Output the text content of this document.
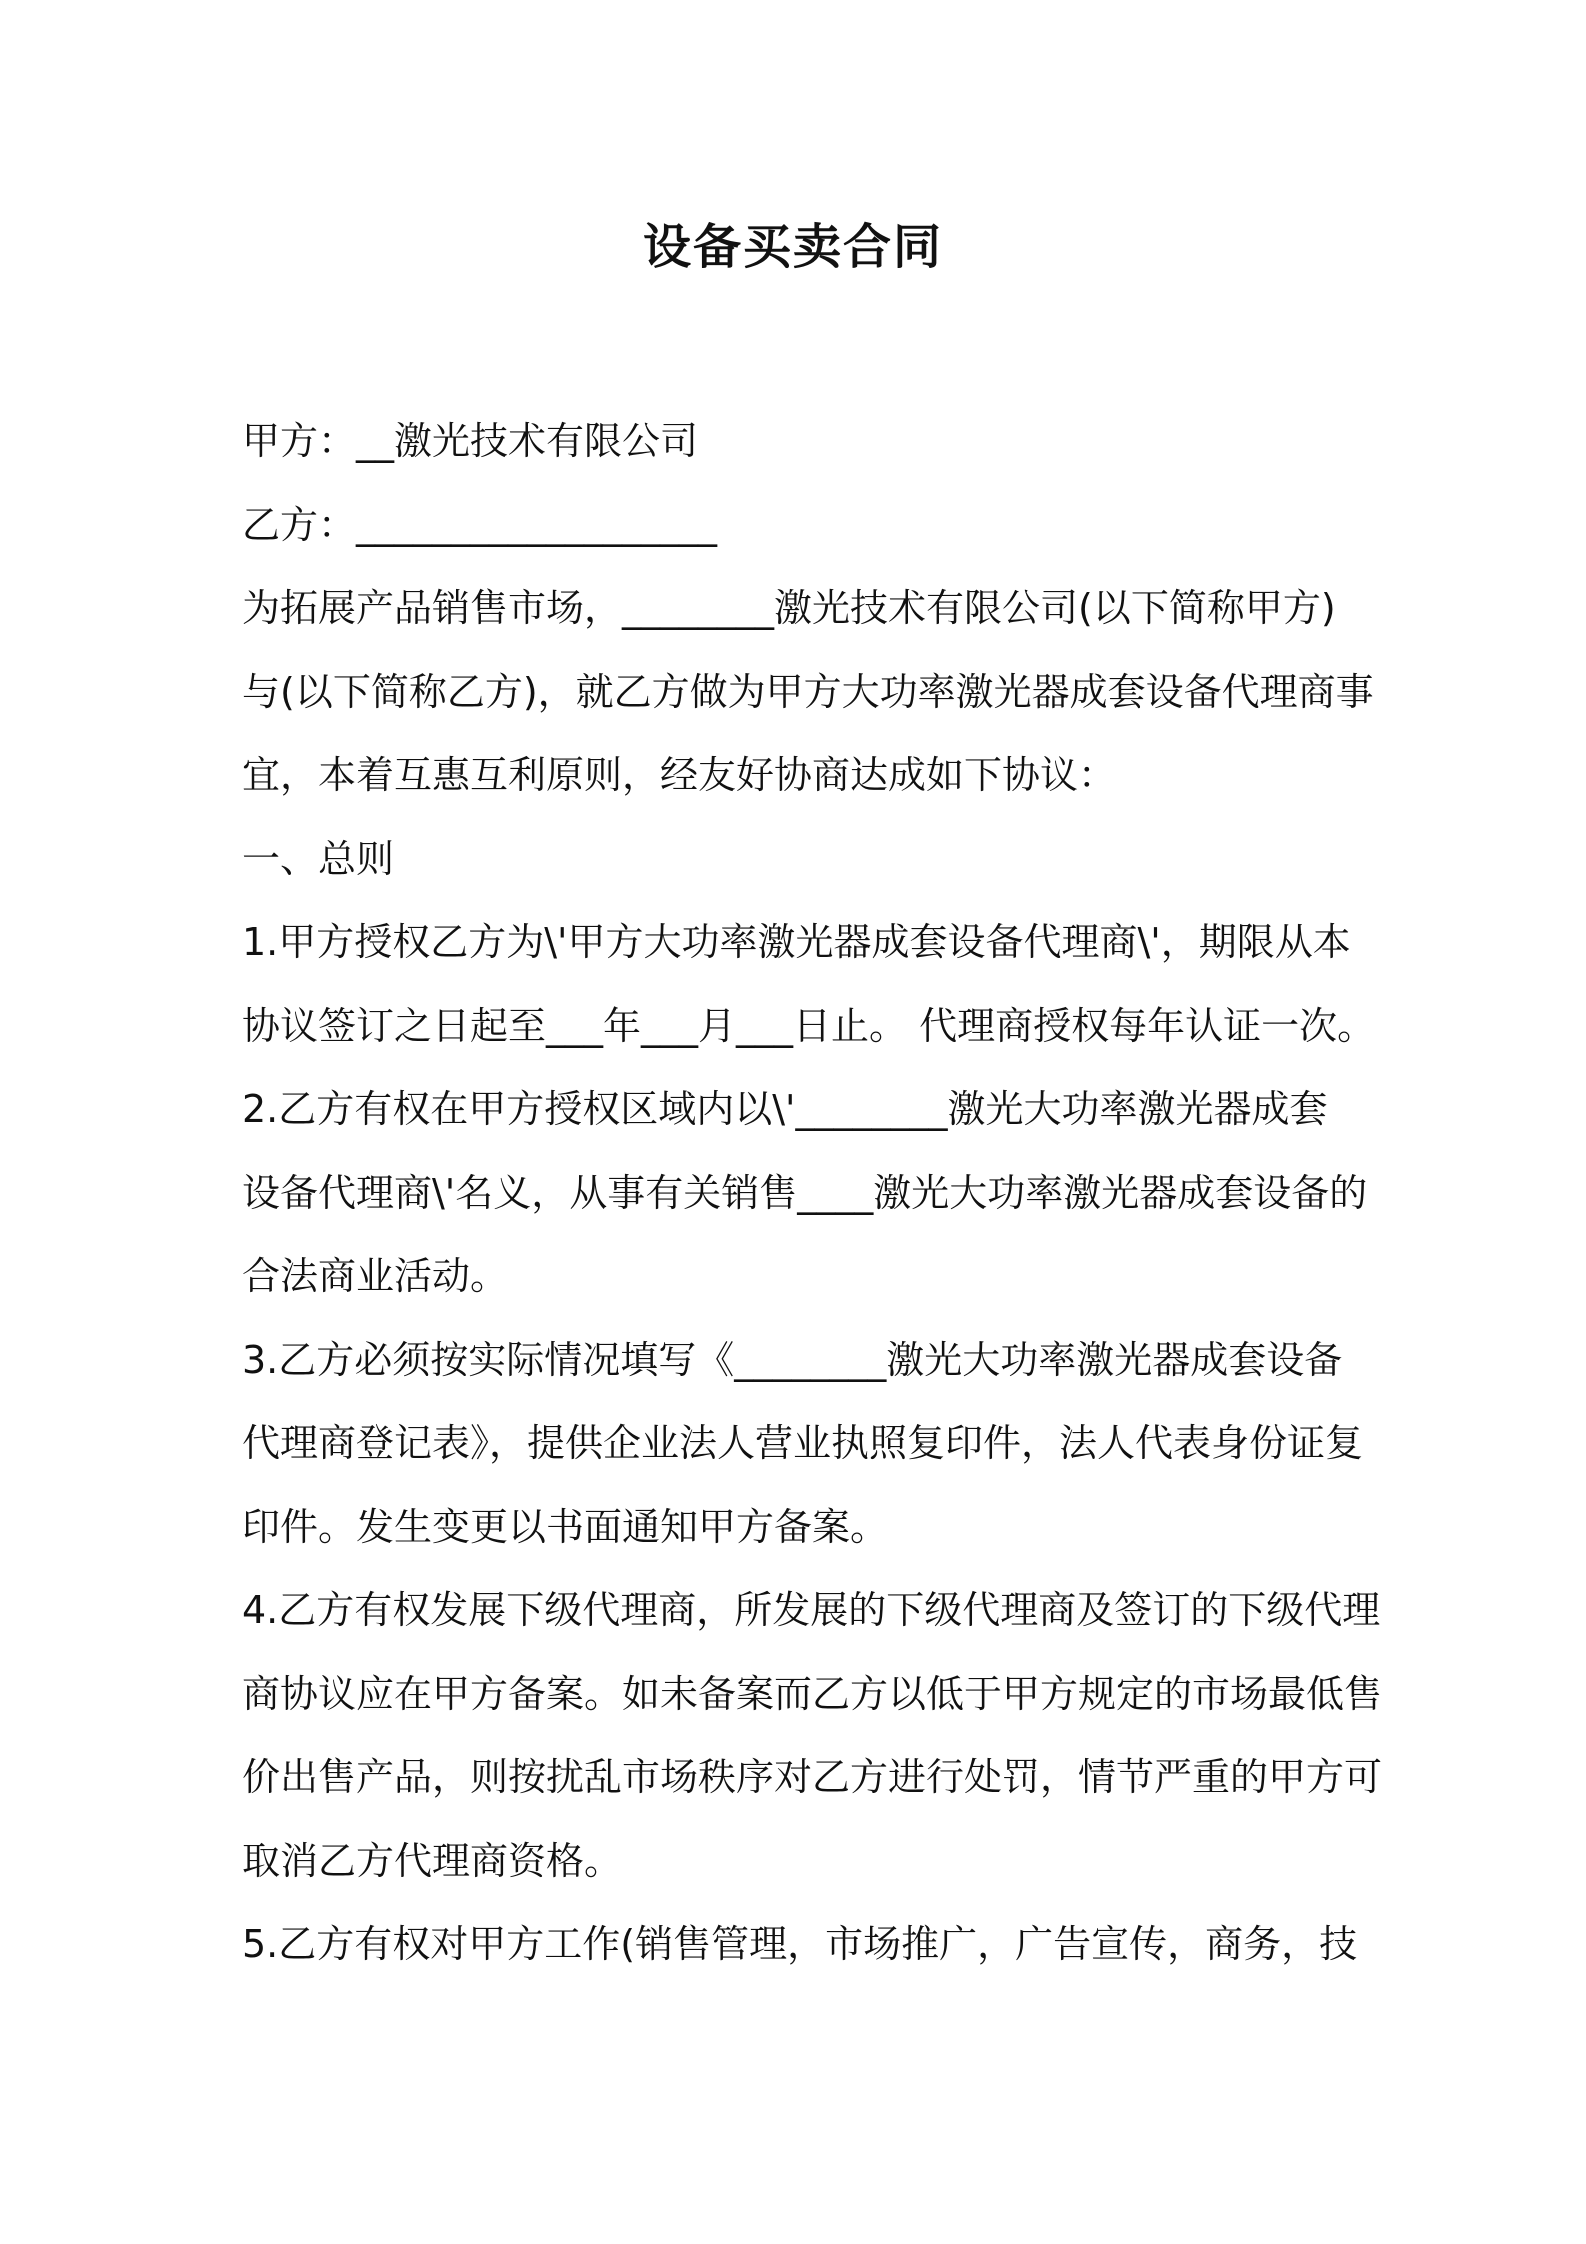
设备买卖合同
甲方：__激光技术有限公司
乙方：___________________
为拓展产品销售市场，________激光技术有限公司(以下简称甲方)
与(以下简称乙方)，就乙方做为甲方大功率激光器成套设备代理商事
宜，本着互惠互利原则，经友好协商达成如下协议：
一、总则
1.甲方授权乙方为\'甲方大功率激光器成套设备代理商\'，期限从本
协议签订之日起至___年___月___日止。 代理商授权每年认证一次。
2.乙方有权在甲方授权区域内以\'________激光大功率激光器成套
设备代理商\'名义，从事有关销售____激光大功率激光器成套设备的
合法商业活动。
3.乙方必须按实际情况填写《________激光大功率激光器成套设备
代理商登记表》，提供企业法人营业执照复印件，法人代表身份证复
印件。发生变更以书面通知甲方备案。
4.乙方有权发展下级代理商，所发展的下级代理商及签订的下级代理
商协议应在甲方备案。如未备案而乙方以低于甲方规定的市场最低售
价出售产品，则按扰乱市场秩序对乙方进行处罚，情节严重的甲方可
取消乙方代理商资格。
5.乙方有权对甲方工作(销售管理，市场推广，广告宣传，商务，技
